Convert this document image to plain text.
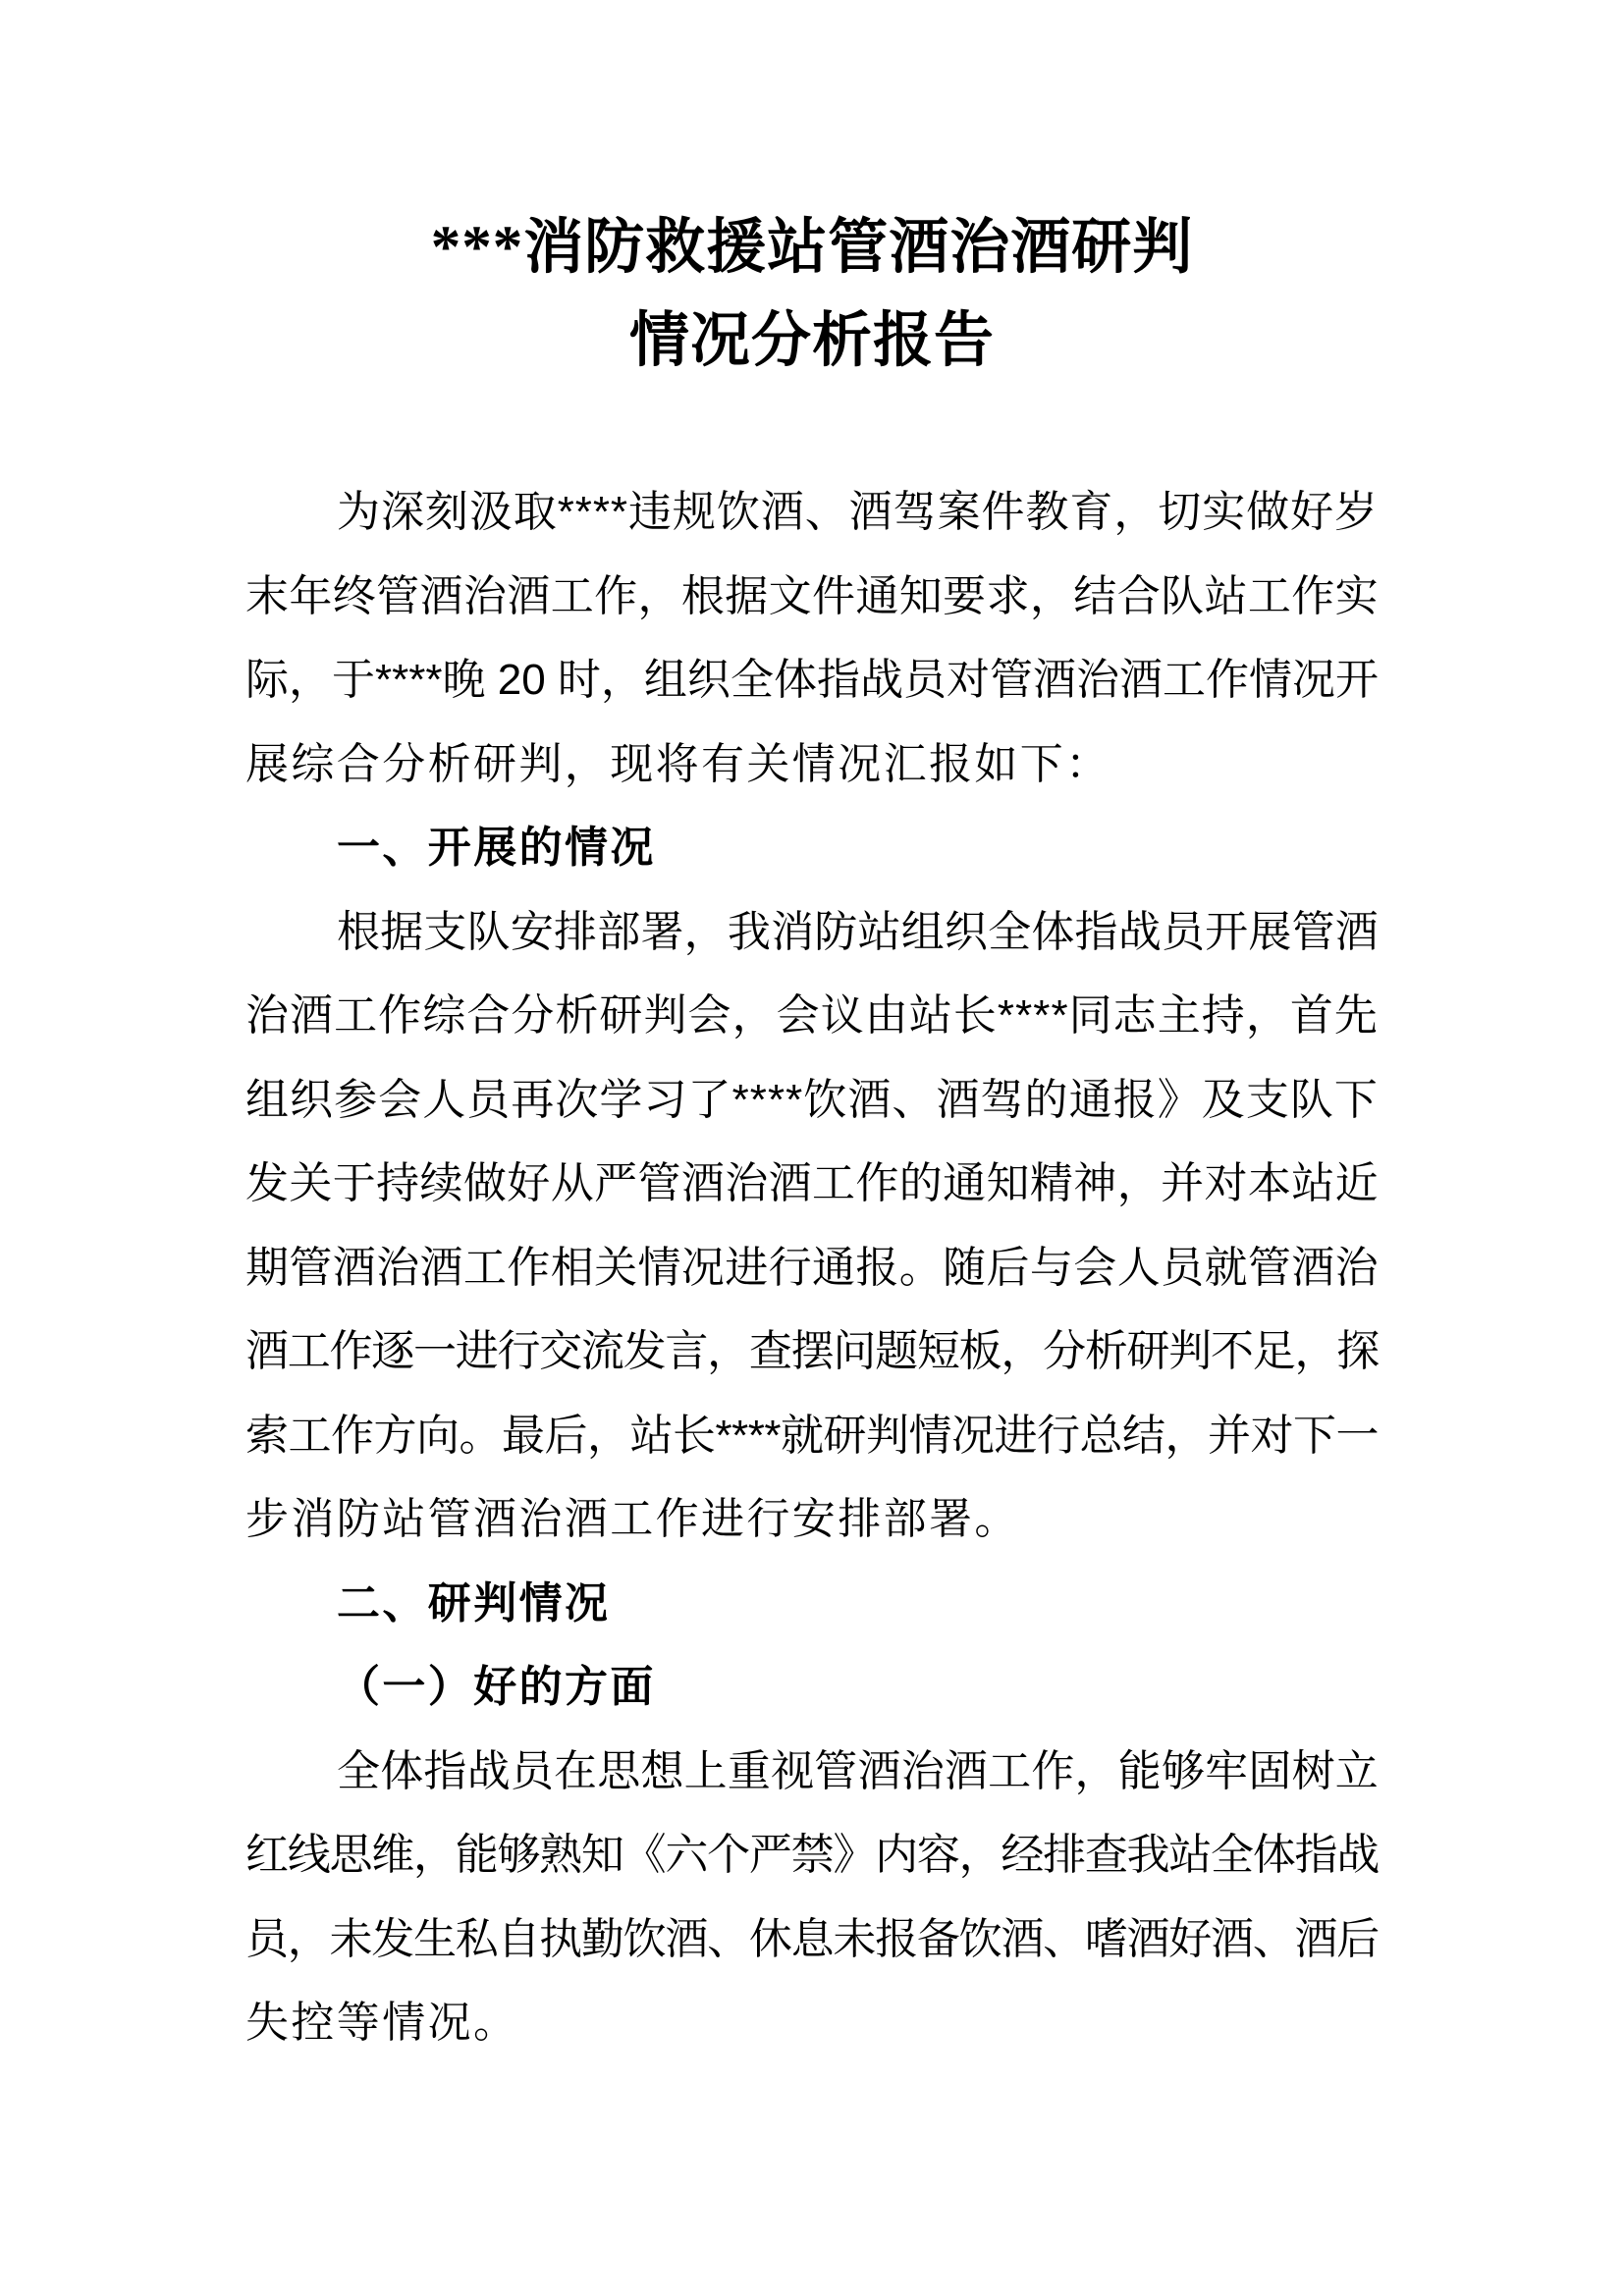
***消防救援站管酒治酒研判
情况分析报告
为深刻汲取****违规饮酒、酒驾案件教育，切实做好岁
末年终管酒治酒工作，根据文件通知要求，结合队站工作实
际，于****晚 20 时，组织全体指战员对管酒治酒工作情况开
展综合分析研判，现将有关情况汇报如下：
一、开展的情况
根据支队安排部署，我消防站组织全体指战员开展管酒
治酒工作综合分析研判会，会议由站长****同志主持，首先
组织参会人员再次学习了****饮酒、酒驾的通报》及支队下
发关于持续做好从严管酒治酒工作的通知精神，并对本站近
期管酒治酒工作相关情况进行通报。随后与会人员就管酒治
酒工作逐一进行交流发言，查摆问题短板，分析研判不足，探
索工作方向。最后，站长****就研判情况进行总结，并对下一
步消防站管酒治酒工作进行安排部署。
二、研判情况
（一）好的方面
全体指战员在思想上重视管酒治酒工作，能够牢固树立
红线思维，能够熟知《六个严禁》内容，经排查我站全体指战
员，未发生私自执勤饮酒、休息未报备饮酒、嗜酒好酒、酒后
失控等情况。
